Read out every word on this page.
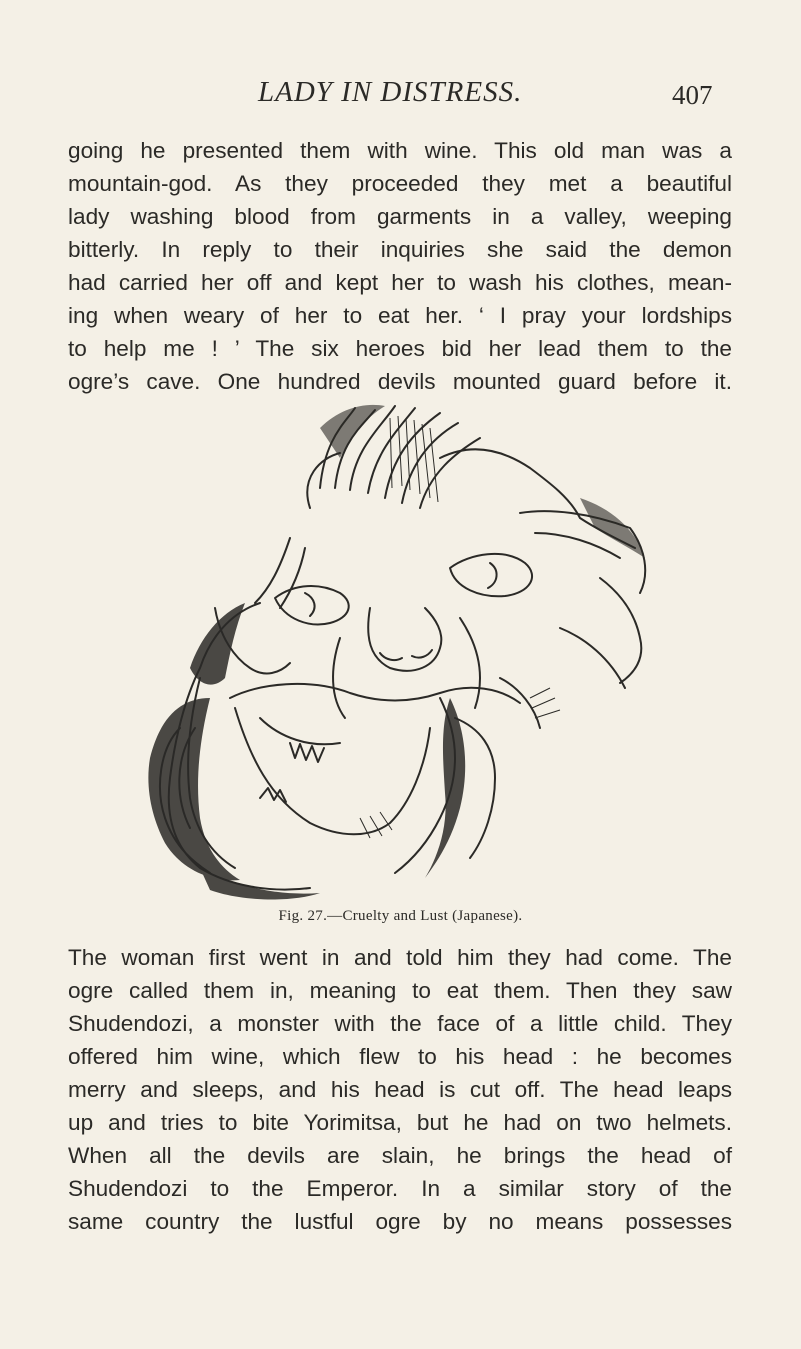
LADY IN DISTRESS.	407

going he presented them with wine. This old man was a
mountain-god. As they proceeded they met a beautiful
lady washing blood from garments in a valley, weeping
bitterly. In reply to their inquiries she said the demon
had carried her off and kept her to wash his clothes, mean-
ing when weary of her to eat her. ‘ I pray your lordships
to help me ! ’ The six heroes bid her lead them to the
ogre’s cave. One hundred devils mounted guard before it.

Fig. 27.—Cruelty and Lust (Japanese).

The woman first went in and told him they had come. The
ogre called them in, meaning to eat them. Then they saw
Shudendozi, a monster with the face of a little child. They
offered him wine, which flew to his head : he becomes
merry and sleeps, and his head is cut off. The head leaps
up and tries to bite Yorimitsa, but he had on two helmets.
When all the devils are slain, he brings the head of
Shudendozi to the Emperor. In a similar story of the
same country the lustful ogre by no means possesses
